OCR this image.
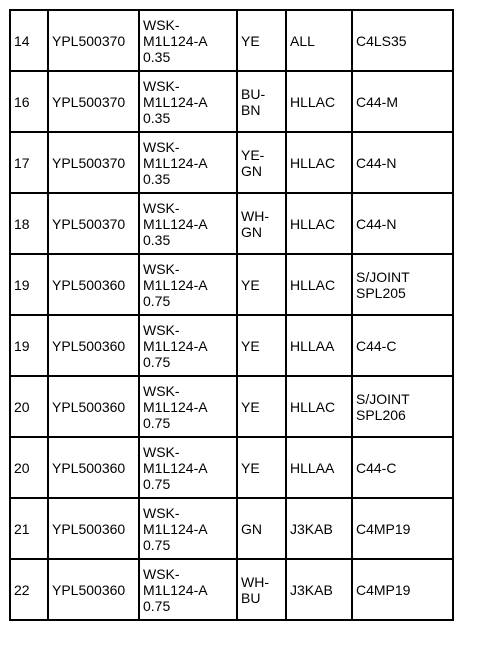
14	YPL500370	WSK-
M1L124-A
0.35	YE	ALL	C4LS35
16	YPL500370	WSK-
M1L124-A
0.35	BU-
BN	HLLAC	C44-M
17	YPL500370	WSK-
M1L124-A
0.35	YE-
GN	HLLAC	C44-N
18	YPL500370	WSK-
M1L124-A
0.35	WH-
GN	HLLAC	C44-N
19	YPL500360	WSK-
M1L124-A
0.75	YE	HLLAC	S/JOINT
SPL205
19	YPL500360	WSK-
M1L124-A
0.75	YE	HLLAA	C44-C
20	YPL500360	WSK-
M1L124-A
0.75	YE	HLLAC	S/JOINT
SPL206
20	YPL500360	WSK-
M1L124-A
0.75	YE	HLLAA	C44-C
21	YPL500360	WSK-
M1L124-A
0.75	GN	J3KAB	C4MP19
22	YPL500360	WSK-
M1L124-A
0.75	WH-
BU	J3KAB	C4MP19
